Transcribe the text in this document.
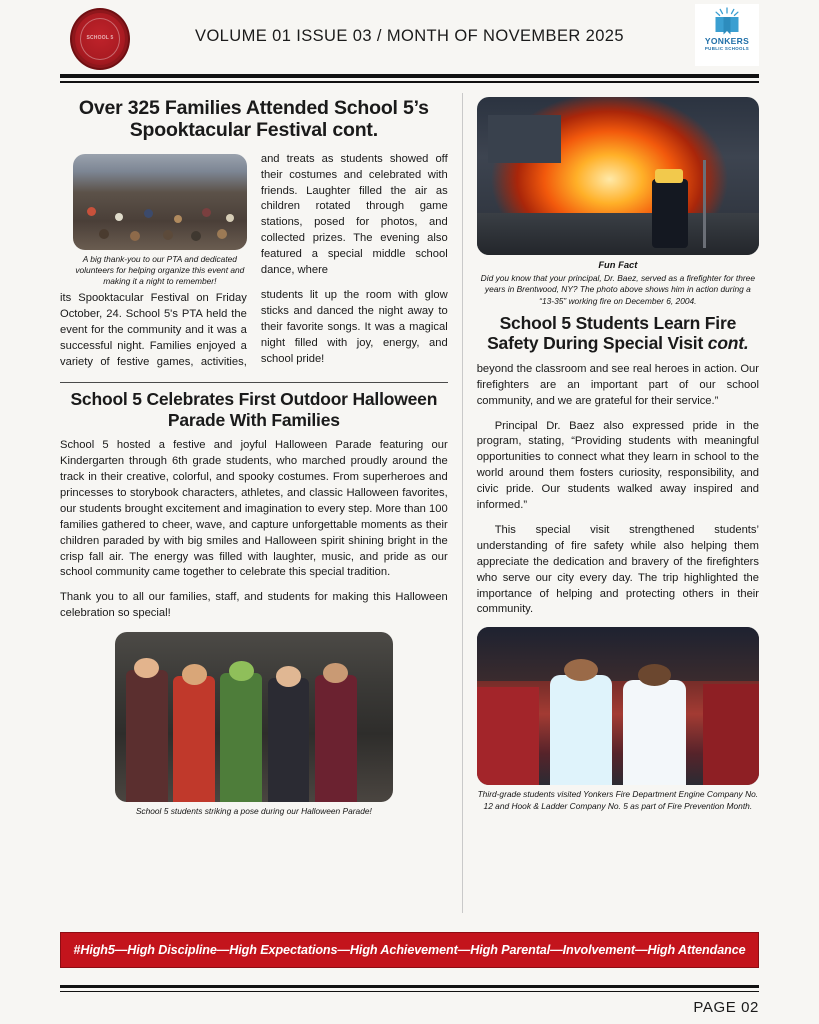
SCHOOL 5	VOLUME 01 ISSUE 03 / MONTH OF NOVEMBER 2025	YONKERS
PUBLIC SCHOOLS
Over 325 Families Attended School 5’s Spooktacular Festival cont.
A big thank-you to our PTA and dedicated volunteers for helping organize this event and making it a night to remember!

its Spooktacular Festival on Friday October, 24. School 5's PTA held the event for the community and it was a successful night. Families enjoyed a variety of festive games, activities, and treats as students showed off their costumes and celebrated with friends. Laughter filled the air as children rotated through game stations, posed for photos, and collected prizes. The evening also featured a special middle school dance, where

students lit up the room with glow sticks and danced the night away to their favorite songs. It was a magical night filled with joy, energy, and school pride!

School 5 Celebrates First Outdoor Halloween Parade With Families

School 5 hosted a festive and joyful Halloween Parade featuring our Kindergarten through 6th grade students, who marched proudly around the track in their creative, colorful, and spooky costumes. From superheroes and princesses to storybook characters, athletes, and classic Halloween favorites, our students brought excitement and imagination to every step. More than 100 families gathered to cheer, wave, and capture unforgettable moments as their children paraded by with big smiles and Halloween spirit shining bright in the crisp fall air. The energy was filled with laughter, music, and pride as our school community came together to celebrate this special tradition.

Thank you to all our families, staff, and students for making this Halloween celebration so special!

School 5 students striking a pose during our Halloween Parade!
Fun Fact
Did you know that your principal, Dr. Baez, served as a firefighter for three years in Brentwood, NY? The photo above shows him in action during a “13-35” working fire on December 6, 2004.
School 5 Students Learn Fire Safety During Special Visit cont.

beyond the classroom and see real heroes in action. Our firefighters are an important part of our school community, and we are grateful for their service.”

Principal Dr. Baez also expressed pride in the program, stating, “Providing students with meaningful opportunities to connect what they learn in school to the world around them fosters curiosity, responsibility, and civic pride. Our students walked away inspired and informed.”

This special visit strengthened students’ understanding of fire safety while also helping them appreciate the dedication and bravery of the firefighters who serve our city every day. The trip highlighted the importance of helping and protecting others in their community.

Third-grade students visited Yonkers Fire Department Engine Company No. 12 and Hook & Ladder Company No. 5 as part of Fire Prevention Month.
#High5—High Discipline—High Expectations—High Achievement—High Parental—Involvement—High Attendance
PAGE 02
